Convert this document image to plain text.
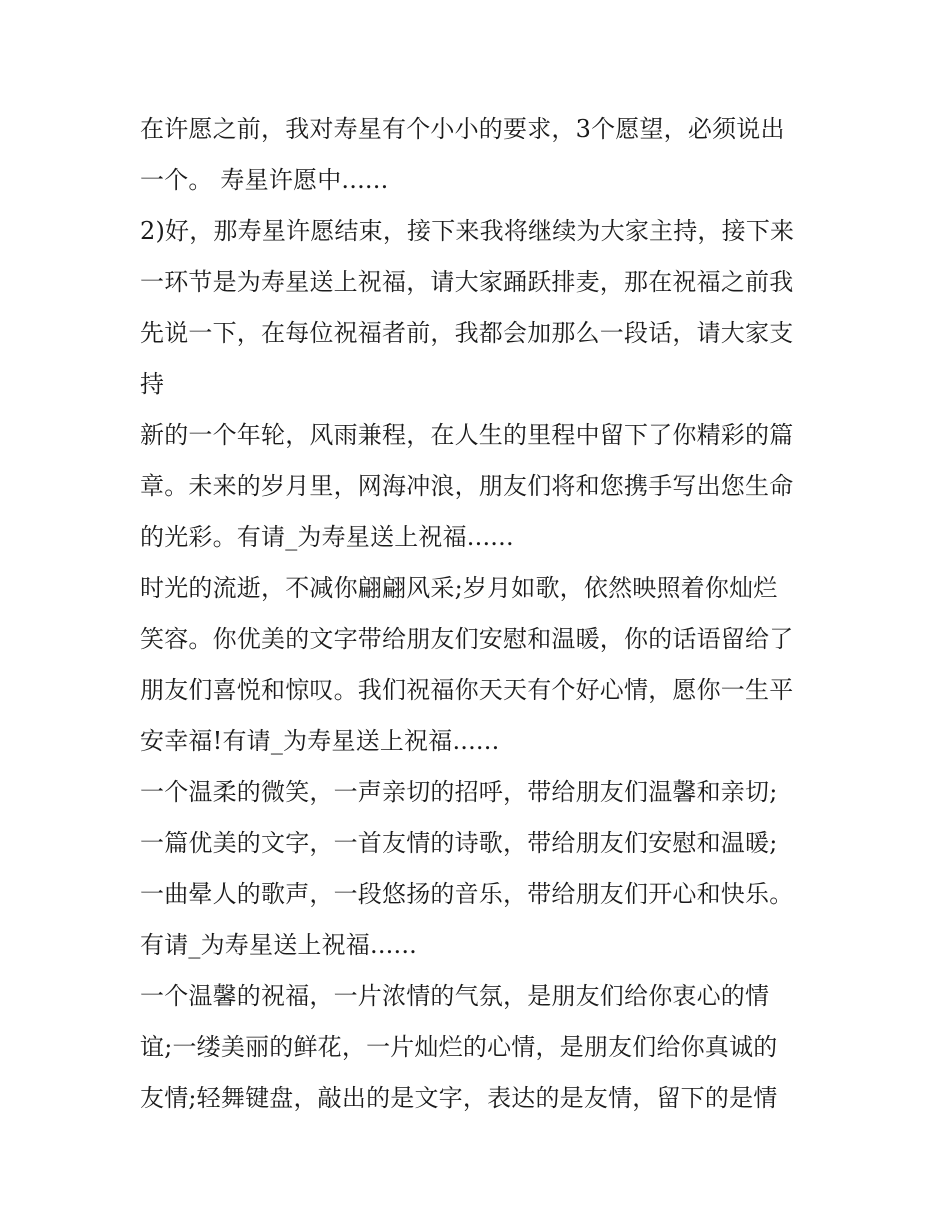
在许愿之前，我对寿星有个小小的要求，3个愿望，必须说出
一个。 寿星许愿中......
2)好，那寿星许愿结束，接下来我将继续为大家主持，接下来
一环节是为寿星送上祝福，请大家踊跃排麦，那在祝福之前我
先说一下，在每位祝福者前，我都会加那么一段话，请大家支
持
新的一个年轮，风雨兼程，在人生的里程中留下了你精彩的篇
章。未来的岁月里，网海冲浪，朋友们将和您携手写出您生命
的光彩。有请_为寿星送上祝福......
时光的流逝，不减你翩翩风采;岁月如歌，依然映照着你灿烂
笑容。你优美的文字带给朋友们安慰和温暖，你的话语留给了
朋友们喜悦和惊叹。我们祝福你天天有个好心情，愿你一生平
安幸福!有请_为寿星送上祝福......
一个温柔的微笑，一声亲切的招呼，带给朋友们温馨和亲切;
一篇优美的文字，一首友情的诗歌，带给朋友们安慰和温暖;
一曲晕人的歌声，一段悠扬的音乐，带给朋友们开心和快乐。
有请_为寿星送上祝福......
一个温馨的祝福，一片浓情的气氛，是朋友们给你衷心的情
谊;一缕美丽的鲜花，一片灿烂的心情，是朋友们给你真诚的
友情;轻舞键盘，敲出的是文字，表达的是友情，留下的是情
